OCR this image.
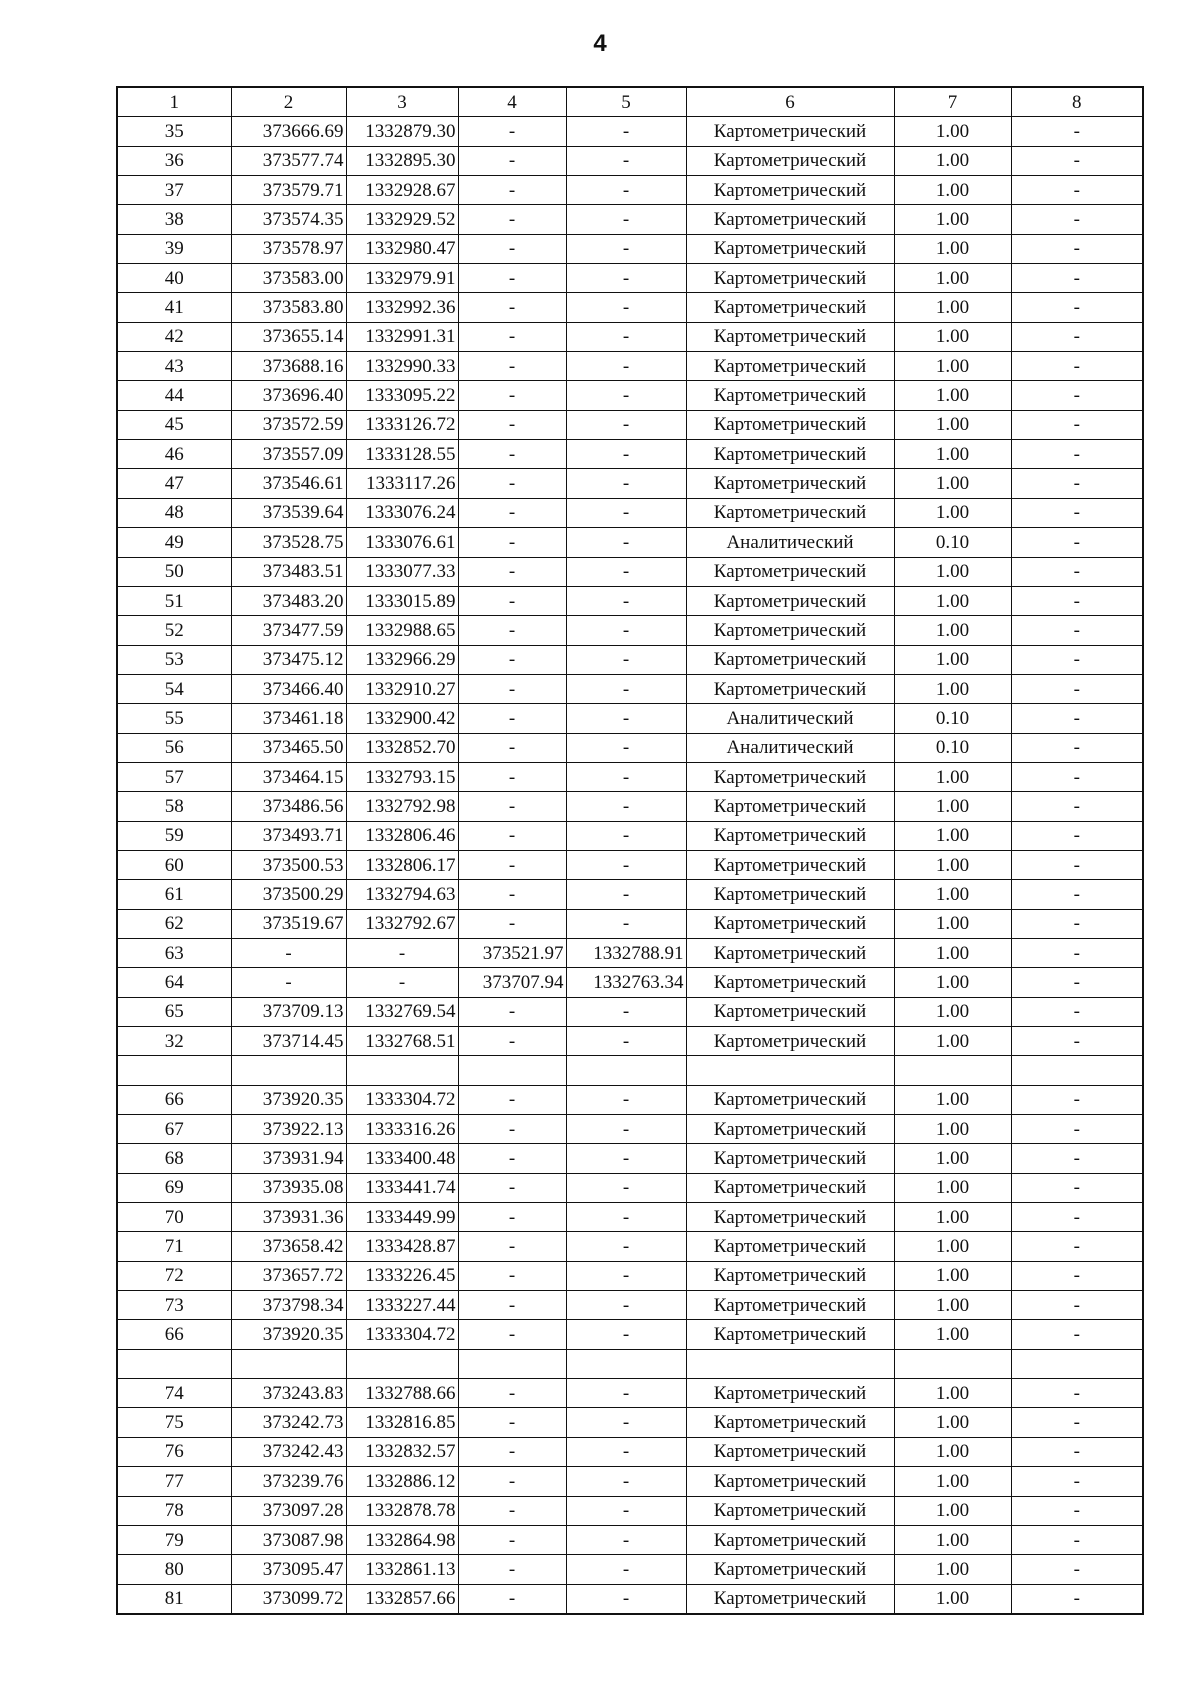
4
1	2	3	4	5	6	7	8
35	373666.69	1332879.30	-	-	Картометрический	1.00	-
36	373577.74	1332895.30	-	-	Картометрический	1.00	-
37	373579.71	1332928.67	-	-	Картометрический	1.00	-
38	373574.35	1332929.52	-	-	Картометрический	1.00	-
39	373578.97	1332980.47	-	-	Картометрический	1.00	-
40	373583.00	1332979.91	-	-	Картометрический	1.00	-
41	373583.80	1332992.36	-	-	Картометрический	1.00	-
42	373655.14	1332991.31	-	-	Картометрический	1.00	-
43	373688.16	1332990.33	-	-	Картометрический	1.00	-
44	373696.40	1333095.22	-	-	Картометрический	1.00	-
45	373572.59	1333126.72	-	-	Картометрический	1.00	-
46	373557.09	1333128.55	-	-	Картометрический	1.00	-
47	373546.61	1333117.26	-	-	Картометрический	1.00	-
48	373539.64	1333076.24	-	-	Картометрический	1.00	-
49	373528.75	1333076.61	-	-	Аналитический	0.10	-
50	373483.51	1333077.33	-	-	Картометрический	1.00	-
51	373483.20	1333015.89	-	-	Картометрический	1.00	-
52	373477.59	1332988.65	-	-	Картометрический	1.00	-
53	373475.12	1332966.29	-	-	Картометрический	1.00	-
54	373466.40	1332910.27	-	-	Картометрический	1.00	-
55	373461.18	1332900.42	-	-	Аналитический	0.10	-
56	373465.50	1332852.70	-	-	Аналитический	0.10	-
57	373464.15	1332793.15	-	-	Картометрический	1.00	-
58	373486.56	1332792.98	-	-	Картометрический	1.00	-
59	373493.71	1332806.46	-	-	Картометрический	1.00	-
60	373500.53	1332806.17	-	-	Картометрический	1.00	-
61	373500.29	1332794.63	-	-	Картометрический	1.00	-
62	373519.67	1332792.67	-	-	Картометрический	1.00	-
63	-	-	373521.97	1332788.91	Картометрический	1.00	-
64	-	-	373707.94	1332763.34	Картометрический	1.00	-
65	373709.13	1332769.54	-	-	Картометрический	1.00	-
32	373714.45	1332768.51	-	-	Картометрический	1.00	-

66	373920.35	1333304.72	-	-	Картометрический	1.00	-
67	373922.13	1333316.26	-	-	Картометрический	1.00	-
68	373931.94	1333400.48	-	-	Картометрический	1.00	-
69	373935.08	1333441.74	-	-	Картометрический	1.00	-
70	373931.36	1333449.99	-	-	Картометрический	1.00	-
71	373658.42	1333428.87	-	-	Картометрический	1.00	-
72	373657.72	1333226.45	-	-	Картометрический	1.00	-
73	373798.34	1333227.44	-	-	Картометрический	1.00	-
66	373920.35	1333304.72	-	-	Картометрический	1.00	-

74	373243.83	1332788.66	-	-	Картометрический	1.00	-
75	373242.73	1332816.85	-	-	Картометрический	1.00	-
76	373242.43	1332832.57	-	-	Картометрический	1.00	-
77	373239.76	1332886.12	-	-	Картометрический	1.00	-
78	373097.28	1332878.78	-	-	Картометрический	1.00	-
79	373087.98	1332864.98	-	-	Картометрический	1.00	-
80	373095.47	1332861.13	-	-	Картометрический	1.00	-
81	373099.72	1332857.66	-	-	Картометрический	1.00	-
